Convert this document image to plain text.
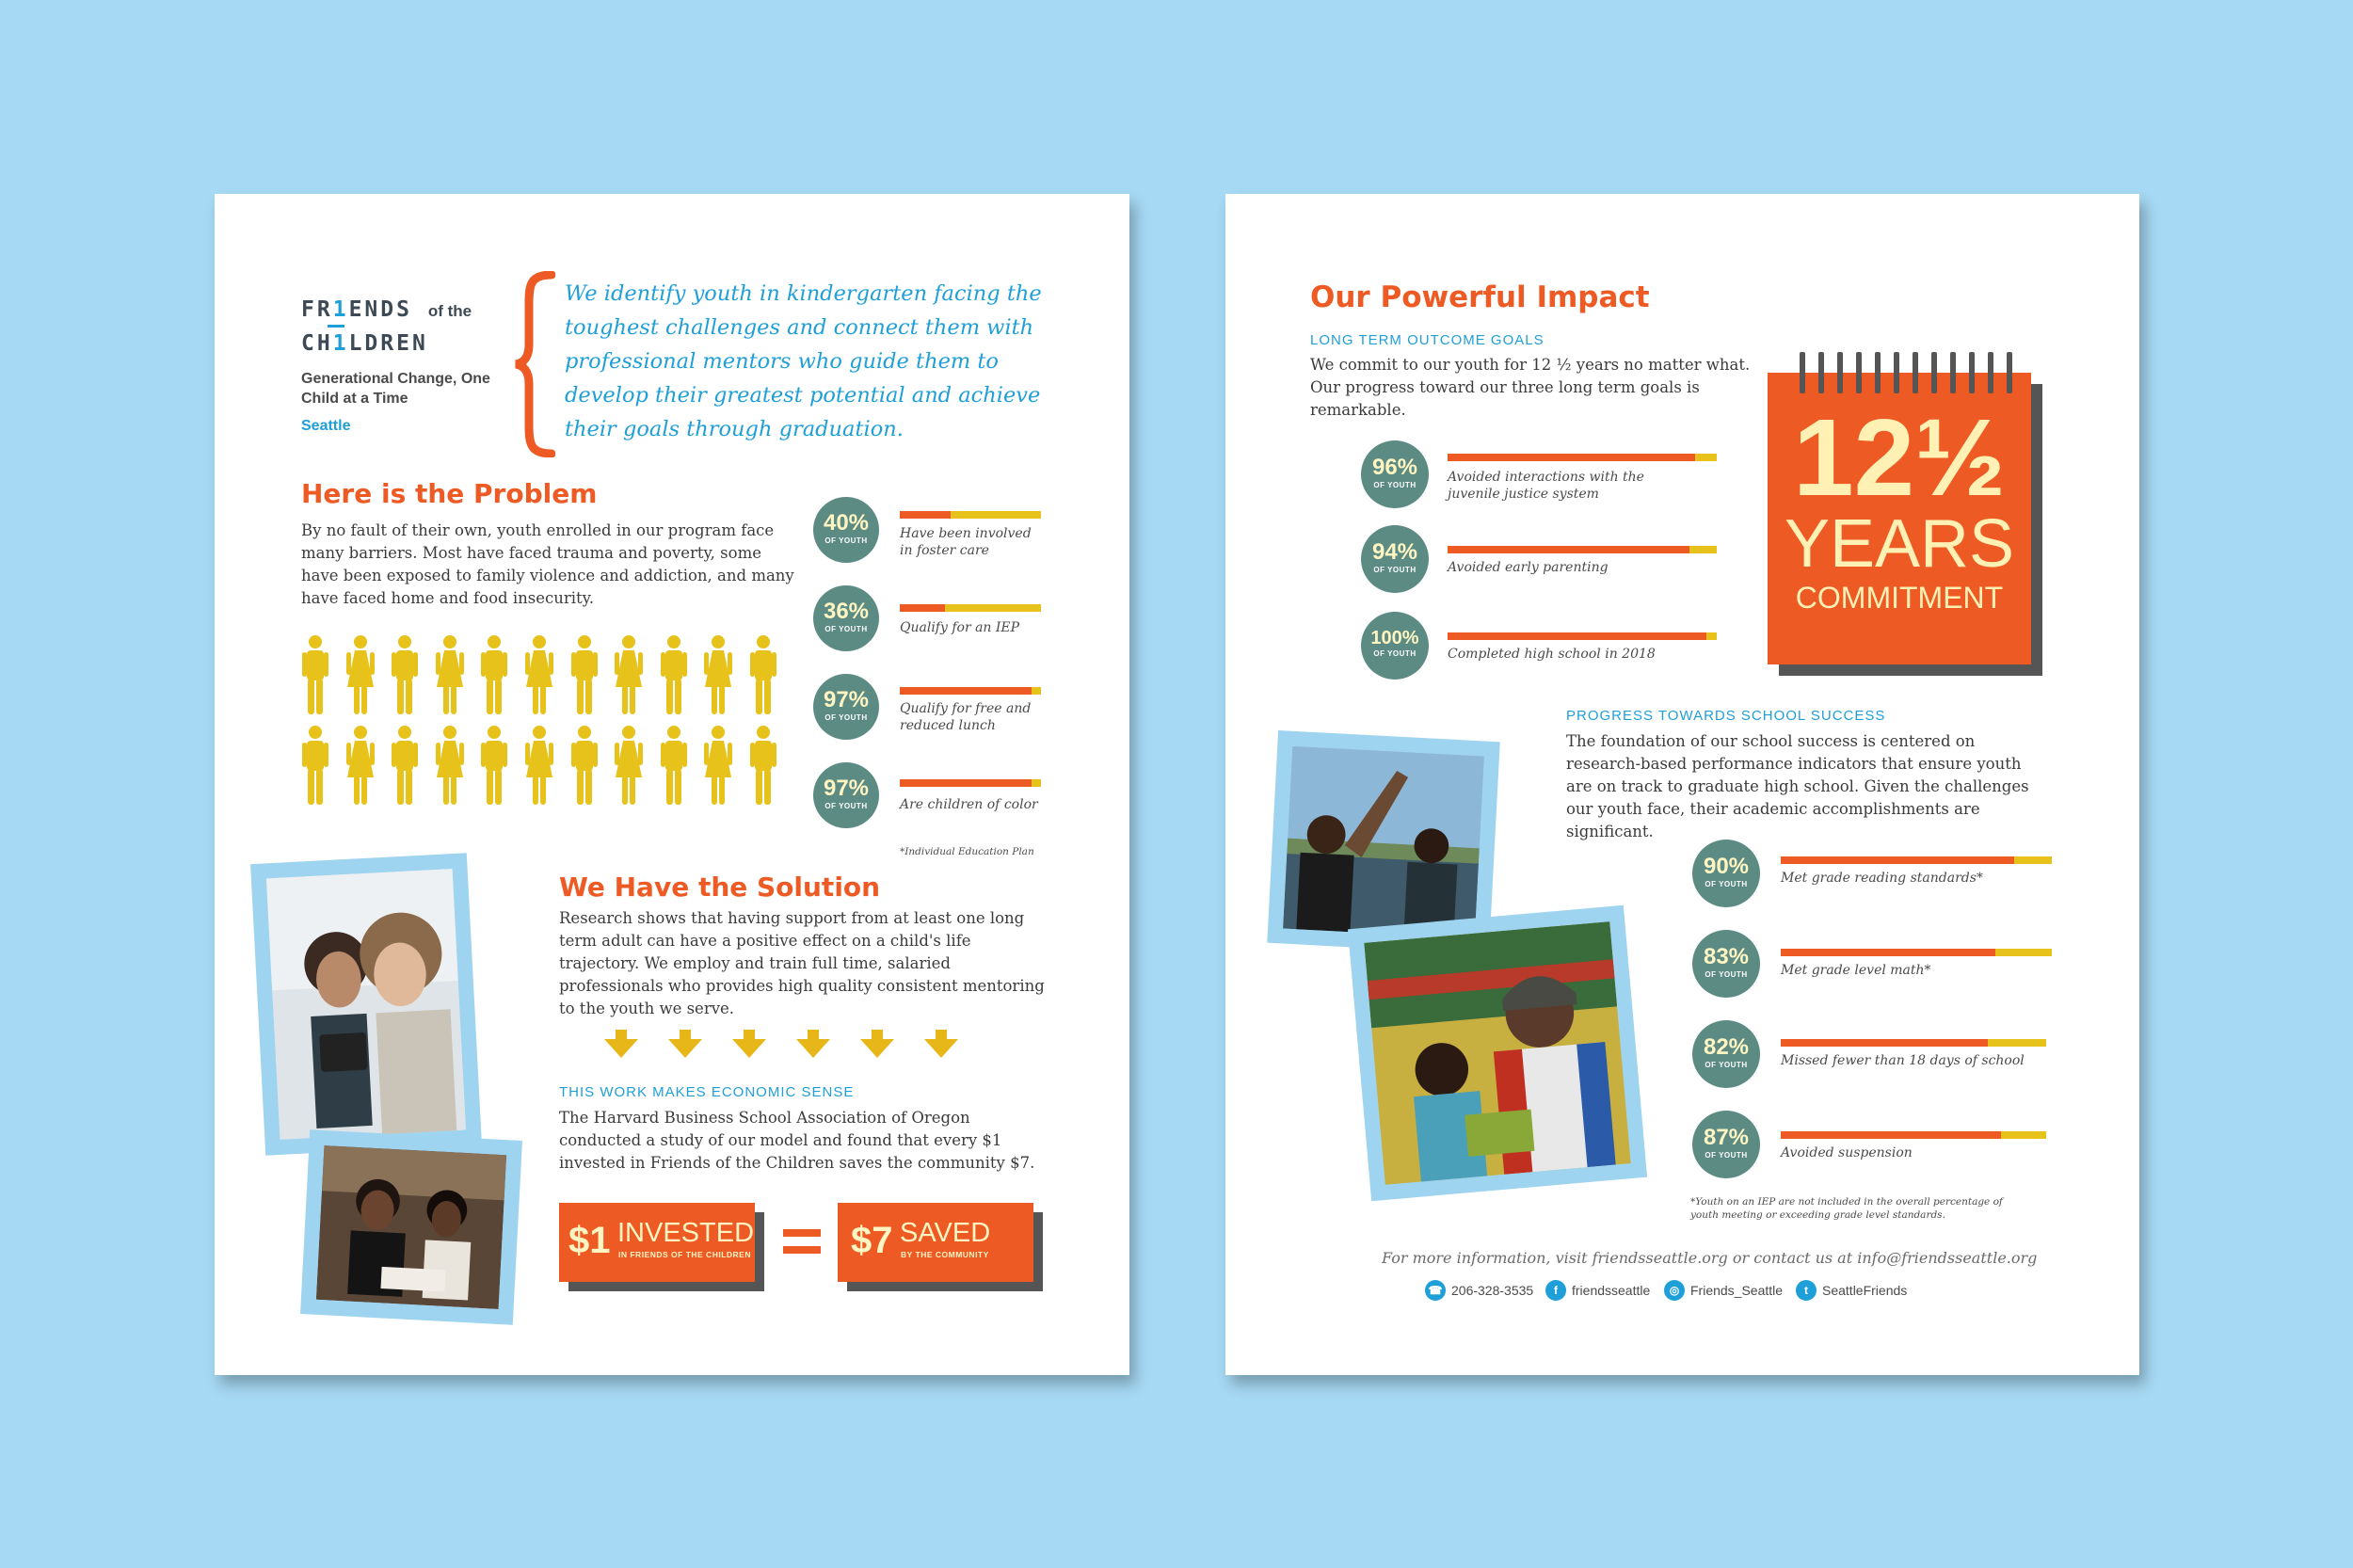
FR1ENDS of the
CH1LDREN
Generational Change, One Child at a Time
Seattle
We identify youth in kindergarten facing the toughest challenges and connect them with professional mentors who guide them to develop their greatest potential and achieve their goals through graduation.
Here is the Problem
By no fault of their own, youth enrolled in our program face many barriers. Most have faced trauma and poverty, some have been exposed to family violence and addiction, and many have faced home and food insecurity.
40%
OF YOUTH	Have been involved in foster care
36%
OF YOUTH	Qualify for an IEP
97%
OF YOUTH
Qualify for free and reduced lunch
97%
OF YOUTH	Are children of color
*Individual Education Plan
We Have the Solution
Research shows that having support from at least one long term adult can have a positive effect on a child's life trajectory. We employ and train full time, salaried professionals who provides high quality consistent mentoring to the youth we serve.
THIS WORK MAKES ECONOMIC SENSE
The Harvard Business School Association of Oregon conducted a study of our model and found that every $1 invested in Friends of the Children saves the community $7.
$1 INVESTED
IN FRIENDS OF THE CHILDREN	$7 SAVED
BY THE COMMUNITY
Our Powerful Impact
LONG TERM OUTCOME GOALS
We commit to our youth for 12 ½ years no matter what. Our progress toward our three long term goals is remarkable.
96%
OF YOUTH
Avoided interactions with the juvenile justice system
94%
OF YOUTH	Avoided early parenting
100%
OF YOUTH	Completed high school in 2018
12½
YEARS
COMMITMENT
PROGRESS TOWARDS SCHOOL SUCCESS
The foundation of our school success is centered on research-based performance indicators that ensure youth are on track to graduate high school. Given the challenges our youth face, their academic accomplishments are significant.
90%
OF YOUTH	Met grade reading standards*
83%
OF YOUTH	Met grade level math*
82%
OF YOUTH	Missed fewer than 18 days of school
87%
OF YOUTH	Avoided suspension
*Youth on an IEP are not included in the overall percentage of youth meeting or exceeding grade level standards.
For more information, visit friendsseattle.org or contact us at info@friendsseattle.org
☎ 206-328-3535	f	friendsseattle	◎ Friends_Seattle	t	SeattleFriends
